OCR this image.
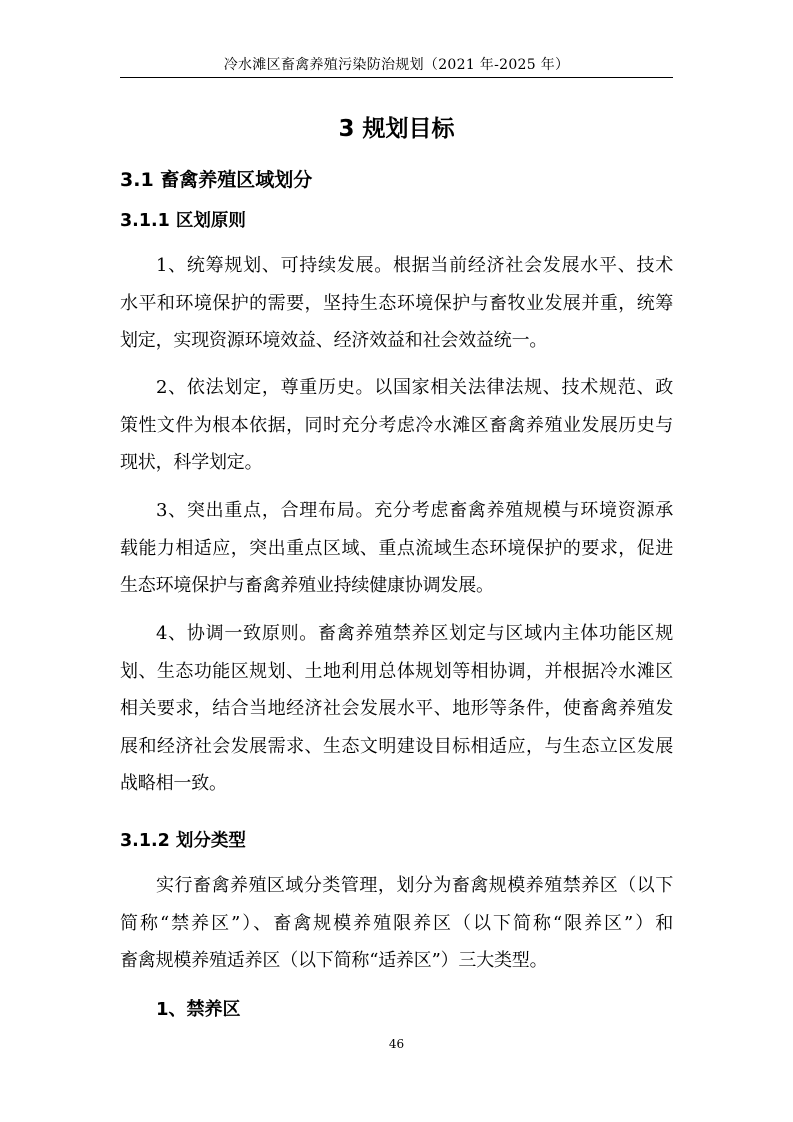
冷水滩区畜禽养殖污染防治规划（2021 年-2025 年）
3 规划目标
3.1 畜禽养殖区域划分
3.1.1 区划原则
1、统筹规划、可持续发展。根据当前经济社会发展水平、技术
水平和环境保护的需要，坚持生态环境保护与畜牧业发展并重，统筹
划定，实现资源环境效益、经济效益和社会效益统一。
2、依法划定，尊重历史。以国家相关法律法规、技术规范、政
策性文件为根本依据，同时充分考虑冷水滩区畜禽养殖业发展历史与
现状，科学划定。
3、突出重点，合理布局。充分考虑畜禽养殖规模与环境资源承
载能力相适应，突出重点区域、重点流域生态环境保护的要求，促进
生态环境保护与畜禽养殖业持续健康协调发展。
4、协调一致原则。畜禽养殖禁养区划定与区域内主体功能区规
划、生态功能区规划、土地利用总体规划等相协调，并根据冷水滩区
相关要求，结合当地经济社会发展水平、地形等条件，使畜禽养殖发
展和经济社会发展需求、生态文明建设目标相适应，与生态立区发展
战略相一致。
3.1.2 划分类型
实行畜禽养殖区域分类管理，划分为畜禽规模养殖禁养区（以下
简称“禁养区”）、畜禽规模养殖限养区（以下简称“限养区”）和
畜禽规模养殖适养区（以下简称“适养区”）三大类型。
1、禁养区
46
